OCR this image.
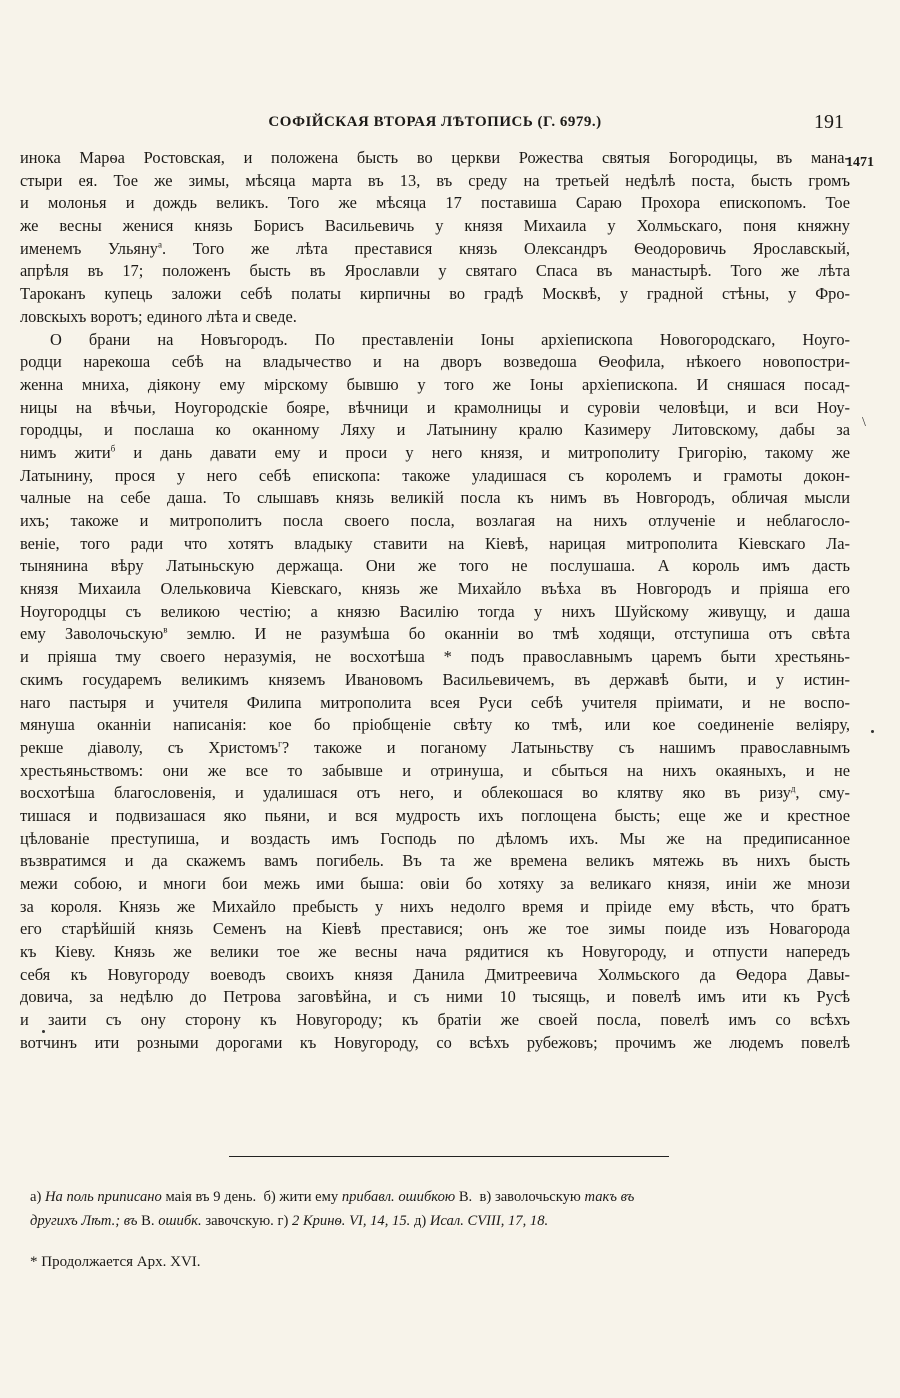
СОФІЙСКАЯ ВТОРАЯ ЛѢТОПИСЬ (Г. 6979.)	191
1471
инока Марѳа Ростовская, и положена бысть во церкви Рожества святыя Богородицы, въ мана-
стыри ея. Тое же зимы, мѣсяца марта въ 13, въ среду на третьей недѣлѣ поста, бысть громъ
и молонья и дождь великъ. Того же мѣсяца 17 поставиша Сараю Прохора епископомъ. Тое
же весны женися князь Борисъ Васильевичь у князя Михаила у Холмьскаго, поня княжну
именемъ Ульяну$^а$. Того же лѣта преставися князь Олександръ Ѳеодоровичь Ярославскый,
апрѣля въ 17; положенъ бысть въ Ярославли у святаго Спаса въ манастырѣ. Того же лѣта
Тароканъ купець заложи себѣ полаты кирпичны во градѣ Москвѣ, у градной стѣны, у Фро-
ловскыхъ воротъ; единого лѣта и сведе.
О брани на Новъгородъ. По преставленіи Іоны архіепископа Новогородскаго, Ноуго-
родци нарекоша себѣ на владычество и на дворъ возведоша Ѳеофила, нѣкоего новопостри-
женна мниха, діякону ему мірскому бывшю у того же Іоны архіепископа. И сняшася посад-
ницы на вѣчьи, Ноугородскіе бояре, вѣчници и крамолницы и суровіи человѣци, и вси Ноу-
городцы, и послаша ко оканному Ляху и Латынину кралю Казимеру Литовскому, дабы за
нимъ жити$^б$ и дань давати ему и проси у него князя, и митрополиту Григорію, такому же
Латынину, прося у него себѣ епископа: такоже уладишася съ королемъ и грамоты докон-
чалные на себе даша. То слышавъ князь великій посла къ нимъ въ Новгородъ, обличая мысли
ихъ; такоже и митрополитъ посла своего посла, возлагая на нихъ отлученіе и неблагосло-
веніе, того ради что хотятъ владыку ставити на Кіевѣ, нарицая митрополита Кіевскаго Ла-
тынянина вѣру Латыньскую держаща. Они же того не послушаша. А король имъ дасть
князя Михаила Олельковича Кіевскаго, князь же Михайло въѣха въ Новгородъ и пріяша его
Ноугородцы съ великою честію; а князю Василію тогда у нихъ Шуйскому живущу, и даша
ему Заволочьскую$^в$ землю. И не разумѣша бо оканніи во тмѣ ходящи, отступиша отъ свѣта
и пріяша тму своего неразумія, не восхотѣша * подъ православнымъ царемъ быти хрестьянь-
скимъ государемъ великимъ княземъ Ивановомъ Васильевичемъ, въ державѣ быти, и у истин-
наго пастыря и учителя Филипа митрополита всея Руси себѣ учителя пріимати, и не воспо-
мянуша оканніи написанія: кое бо пріобщеніе свѣту ко тмѣ, или кое соединеніе веліяру,
рекше діаволу, съ Христомъ$^г$? такоже и поганому Латыньству съ нашимъ православнымъ
хрестьяньствомъ: они же все то забывше и отринуша, и сбыться на нихъ окаяныхъ, и не
восхотѣша благословенія, и удалишася отъ него, и облекошася во клятву яко въ ризу$^д$, сму-
тишася и подвизашася яко пьяни, и вся мудрость ихъ поглощена бысть; еще же и крестное
цѣлованіе преступиша, и воздасть имъ Господь по дѣломъ ихъ. Мы же на предиписанное
възвратимся и да скажемъ вамъ погибель. Въ та же времена великъ мятежь въ нихъ бысть
межи собою, и многи бои межь ими быша: овіи бо хотяху за великаго князя, иніи же мнози
за короля. Князь же Михайло пребысть у нихъ недолго время и пріиде ему вѣсть, что братъ
его старѣйшій князь Семенъ на Кіевѣ преставися; онъ же тое зимы поиде изъ Новагорода
къ Кіеву. Князь же велики тое же весны нача рядитися къ Новугороду, и отпусти напередъ
себя къ Новугороду воеводъ своихъ князя Данила Дмитреевича Холмьского да Ѳедора Давы-
довича, за недѣлю до Петрова заговѣйна, и съ ними 10 тысящь, и повелѣ имъ ити къ Русѣ
и заити съ ону сторону къ Новугороду; къ братіи же своей посла, повелѣ имъ со всѣхъ
вотчинъ ити розными дорогами къ Новугороду, со всѣхъ рубежовъ; прочимъ же людемъ повелѣ
\
а) На поль приписано маія въ 9 день. б) жити ему прибавл. ошибкою В. в) заволочьскую такъ въ
другихъ Лѣт.; въ В. ошибк. завочскую. г) 2 Кринѳ. VI, 14, 15. д) Исал. CVIII, 17, 18.
* Продолжается Арх. XVI.
